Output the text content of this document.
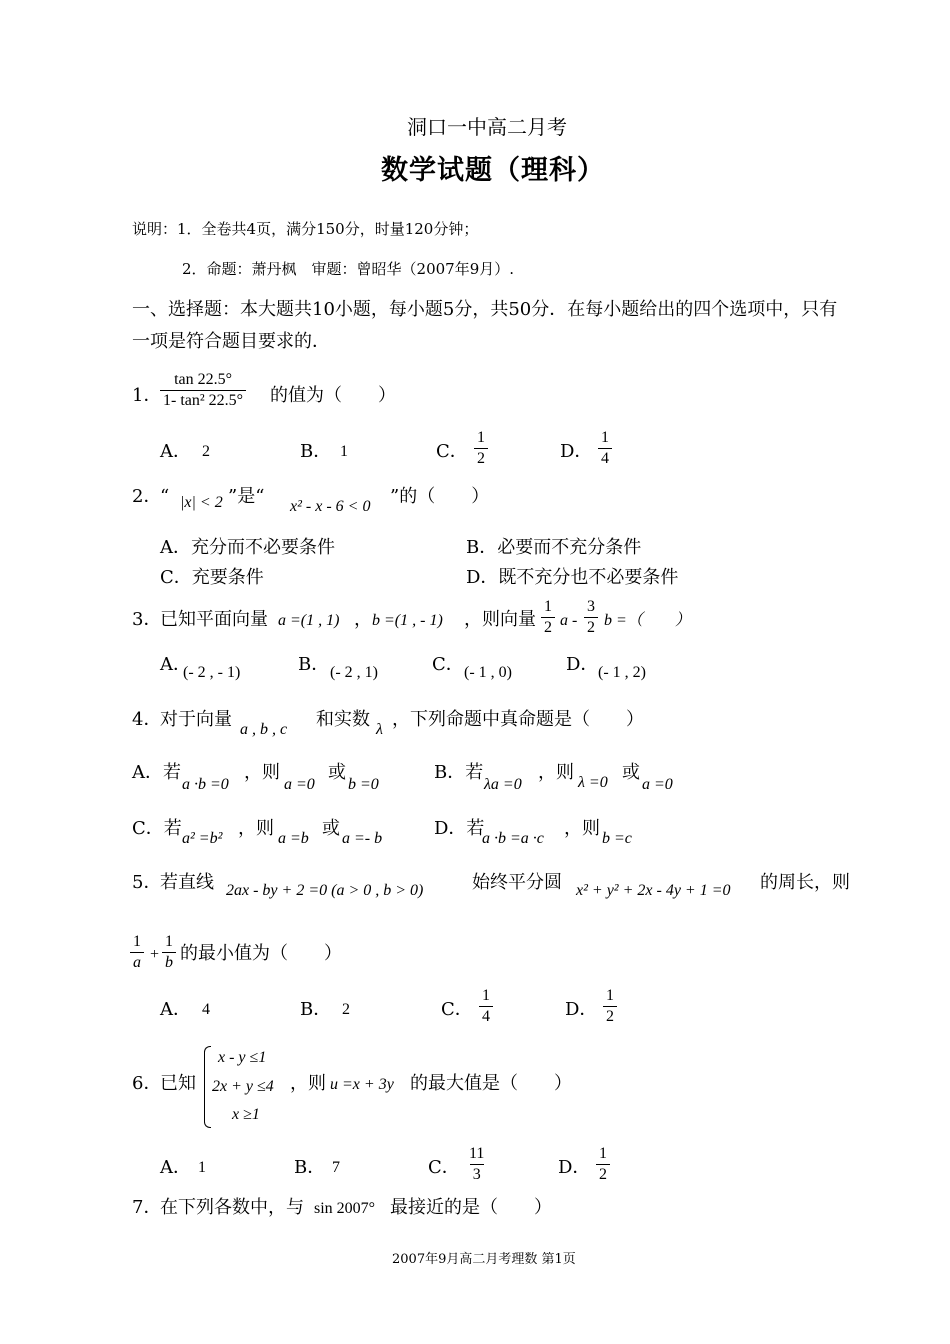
洞口一中高二月考
数学试题（理科）
说明：1．全卷共4页，满分150分，时量120分钟；
2．命题：萧丹枫　审题：曾昭华（2007年9月）.
一、选择题：本大题共10小题，每小题5分，共50分．在每小题给出的四个选项中，只有
一项是符合题目要求的．
1．
$\frac{\tan 22.5^\circ}{\text{1- tan² 22.5°}}$ 的值为（　　）
A． 2	B． 1	C． $\frac{1}{2}$	D． $\frac{1}{4}$
2．
“ |x| < 2 ”是“ x² - x - 6 < 0 ”的（　　）
A．充分而不必要条件	B．必要而不充分条件
C．充要条件	D．既不充分也不必要条件
3．
已知平面向量 a =(1 , 1) ， b =(1 , - 1) ，则向量 $\frac{1}{2}$ a - $\frac{3}{2}$ b =（　　）
A．
(- 2 , - 1)	B． (- 2 , 1)	C． (- 1 , 0)	D． (- 1 , 2)
4．
对于向量 a , b , c 和实数 λ ，下列命题中真命题是（　　）
A．若
a ·b =0
，则
a =0
或
b =0
B．若
λa =0
，则 λ =0 或
a =0
C．若 a² =b² ，则 a =b 或 a =- b	D．若
a ·b =a ·c ，则 b =c
5．
若直线 2ax - by + 2 =0 (a > 0 , b > 0)	始终平分圆 x² + y² + 2x - 4y + 1 =0 的周长，则
$\frac{1}{a} + \frac{1}{b}$ 的最小值为（　　）
A． 4	B． 2	C． $\frac{1}{4}$	D． $\frac{1}{2}$
6．
已知
x - y ≤1
2x + y ≤4
x ≥1
，则 u =x + 3y 的最大值是（　　）
A． 1	B． 7	C． $\frac{11}{3}$	D． $\frac{1}{2}$
7．
在下列各数中，与 sin 2007° 最接近的是（　　）
2007年9月高二月考理数 第1页
